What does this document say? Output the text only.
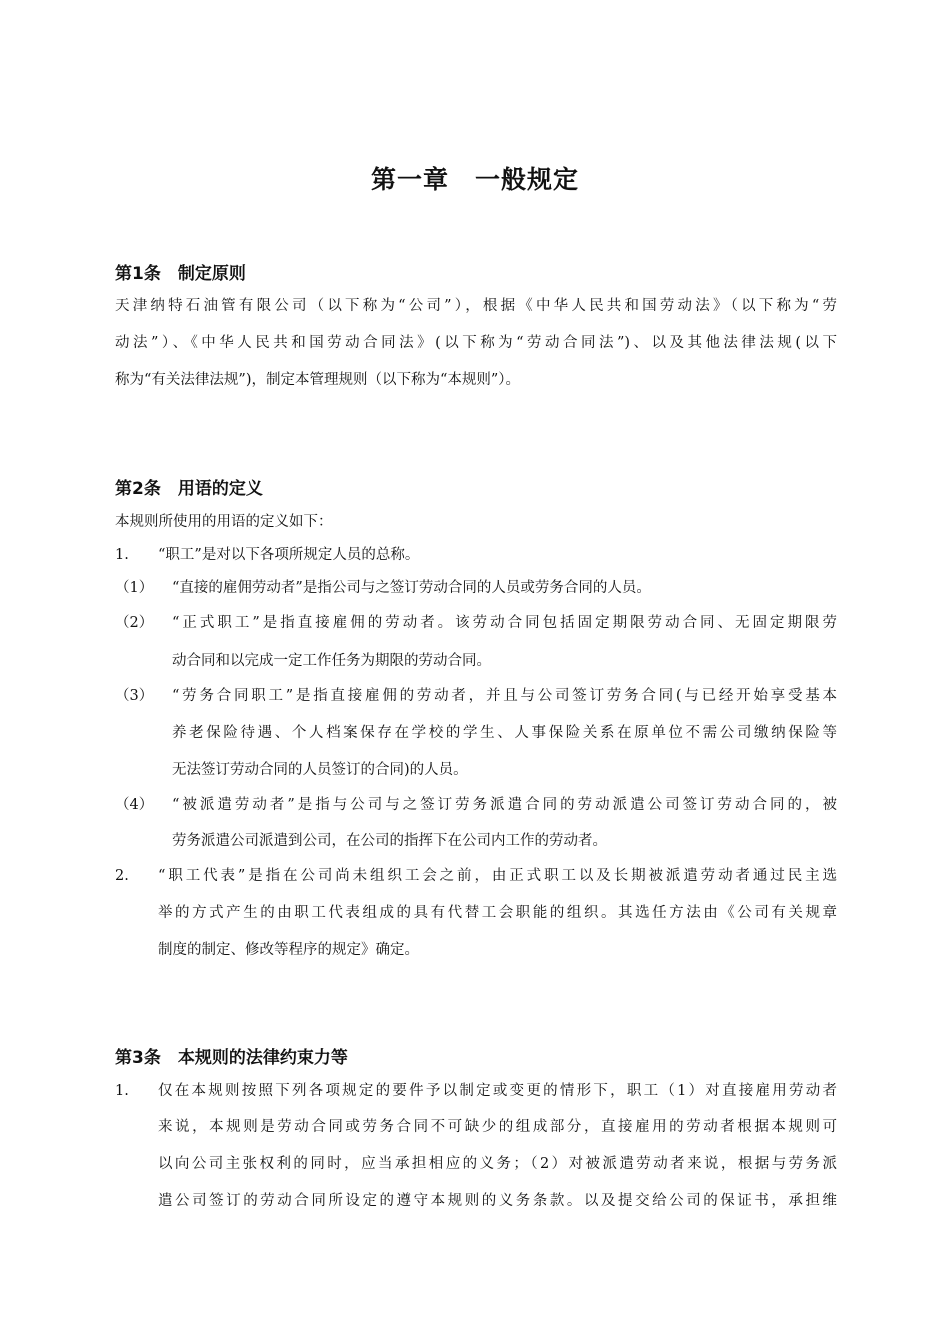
第一章　一般规定
第1条　制定原则
天津纳特石油管有限公司（以下称为“公司”），根据《中华人民共和国劳动法》（以下称为“劳
动法”）、《中华人民共和国劳动合同法》(以下称为“劳动合同法”)、以及其他法律法规(以下
称为“有关法律法规”)，制定本管理规则（以下称为“本规则”）。
第2条　用语的定义
本规则所使用的用语的定义如下：
1. “职工”是对以下各项所规定人员的总称。
（1） “直接的雇佣劳动者”是指公司与之签订劳动合同的人员或劳务合同的人员。
（2） “正式职工”是指直接雇佣的劳动者。该劳动合同包括固定期限劳动合同、无固定期限劳
动合同和以完成一定工作任务为期限的劳动合同。
（3） “劳务合同职工”是指直接雇佣的劳动者，并且与公司签订劳务合同(与已经开始享受基本
养老保险待遇、个人档案保存在学校的学生、人事保险关系在原单位不需公司缴纳保险等
无法签订劳动合同的人员签订的合同)的人员。
（4） “被派遣劳动者”是指与公司与之签订劳务派遣合同的劳动派遣公司签订劳动合同的，被
劳务派遣公司派遣到公司，在公司的指挥下在公司内工作的劳动者。
2. “职工代表”是指在公司尚未组织工会之前，由正式职工以及长期被派遣劳动者通过民主选
举的方式产生的由职工代表组成的具有代替工会职能的组织。其选任方法由《公司有关规章
制度的制定、修改等程序的规定》确定。
第3条　本规则的法律约束力等
1. 仅在本规则按照下列各项规定的要件予以制定或变更的情形下，职工（1）对直接雇用劳动者
来说，本规则是劳动合同或劳务合同不可缺少的组成部分，直接雇用的劳动者根据本规则可
以向公司主张权利的同时，应当承担相应的义务；（2）对被派遣劳动者来说，根据与劳务派
遣公司签订的劳动合同所设定的遵守本规则的义务条款。以及提交给公司的保证书，承担维
